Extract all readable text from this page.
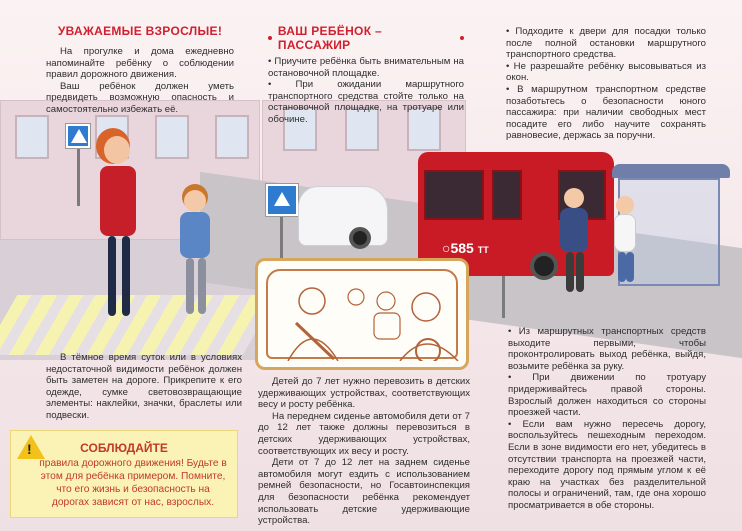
○585 ТТ
УВАЖАЕМЫЕ ВЗРОСЛЫЕ!

На прогулке и дома ежедневно напоминайте ребёнку о соблюдении правил дорожного движения.

Ваш ребёнок должен уметь предвидеть возможную опасность и самостоятельно избежать её.

ВАШ РЕБЁНОК – ПАССАЖИР

• Приучите ребёнка быть внимательным на остановочной площадке.

• При ожидании маршрутного транспортного средства стойте только на остановочной площадке, на тротуаре или обочине.

• Подходите к двери для посадки только после полной остановки маршрутного транспортного средства.

• Не разрешайте ребёнку высовываться из окон.

• В маршрутном транспортном средстве позаботьтесь о безопасности юного пассажира: при наличии свободных мест посадите его либо научите сохранять равновесие, держась за поручни.

В тёмное время суток или в условиях недостаточной видимости ребёнок должен быть заметен на дороге. Прикрепите к его одежде, сумке световозвращающие элементы: наклейки, значки, браслеты или подвески.

!	СОБЛЮДАЙТЕ
правила дорожного движения! Будьте в этом для ребёнка примером. Помните, что его жизнь и безопасность на дорогах зависят от нас, взрослых.

Детей до 7 лет нужно перевозить в детских удерживающих устройствах, соответствующих весу и росту ребёнка.

На переднем сиденье автомобиля дети от 7 до 12 лет также должны перевозиться в детских удерживающих устройствах, соответствующих их весу и росту.

Дети от 7 до 12 лет на заднем сиденье автомобиля могут ездить с использованием ремней безопасности, но Госавтоинспекция для безопасности ребёнка рекомендует использовать детские удерживающие устройства.

• Из маршрутных транспортных средств выходите первыми, чтобы проконтролировать выход ребёнка, выйдя, возьмите ребёнка за руку.

• При движении по тротуару придерживайтесь правой стороны. Взрослый должен находиться со стороны проезжей части.

• Если вам нужно пересечь дорогу, воспользуйтесь пешеходным переходом. Если в зоне видимости его нет, убедитесь в отсутствии транспорта на проезжей части, переходите дорогу под прямым углом к её краю на участках без разделительной полосы и ограничений, там, где она хорошо просматривается в обе стороны.
